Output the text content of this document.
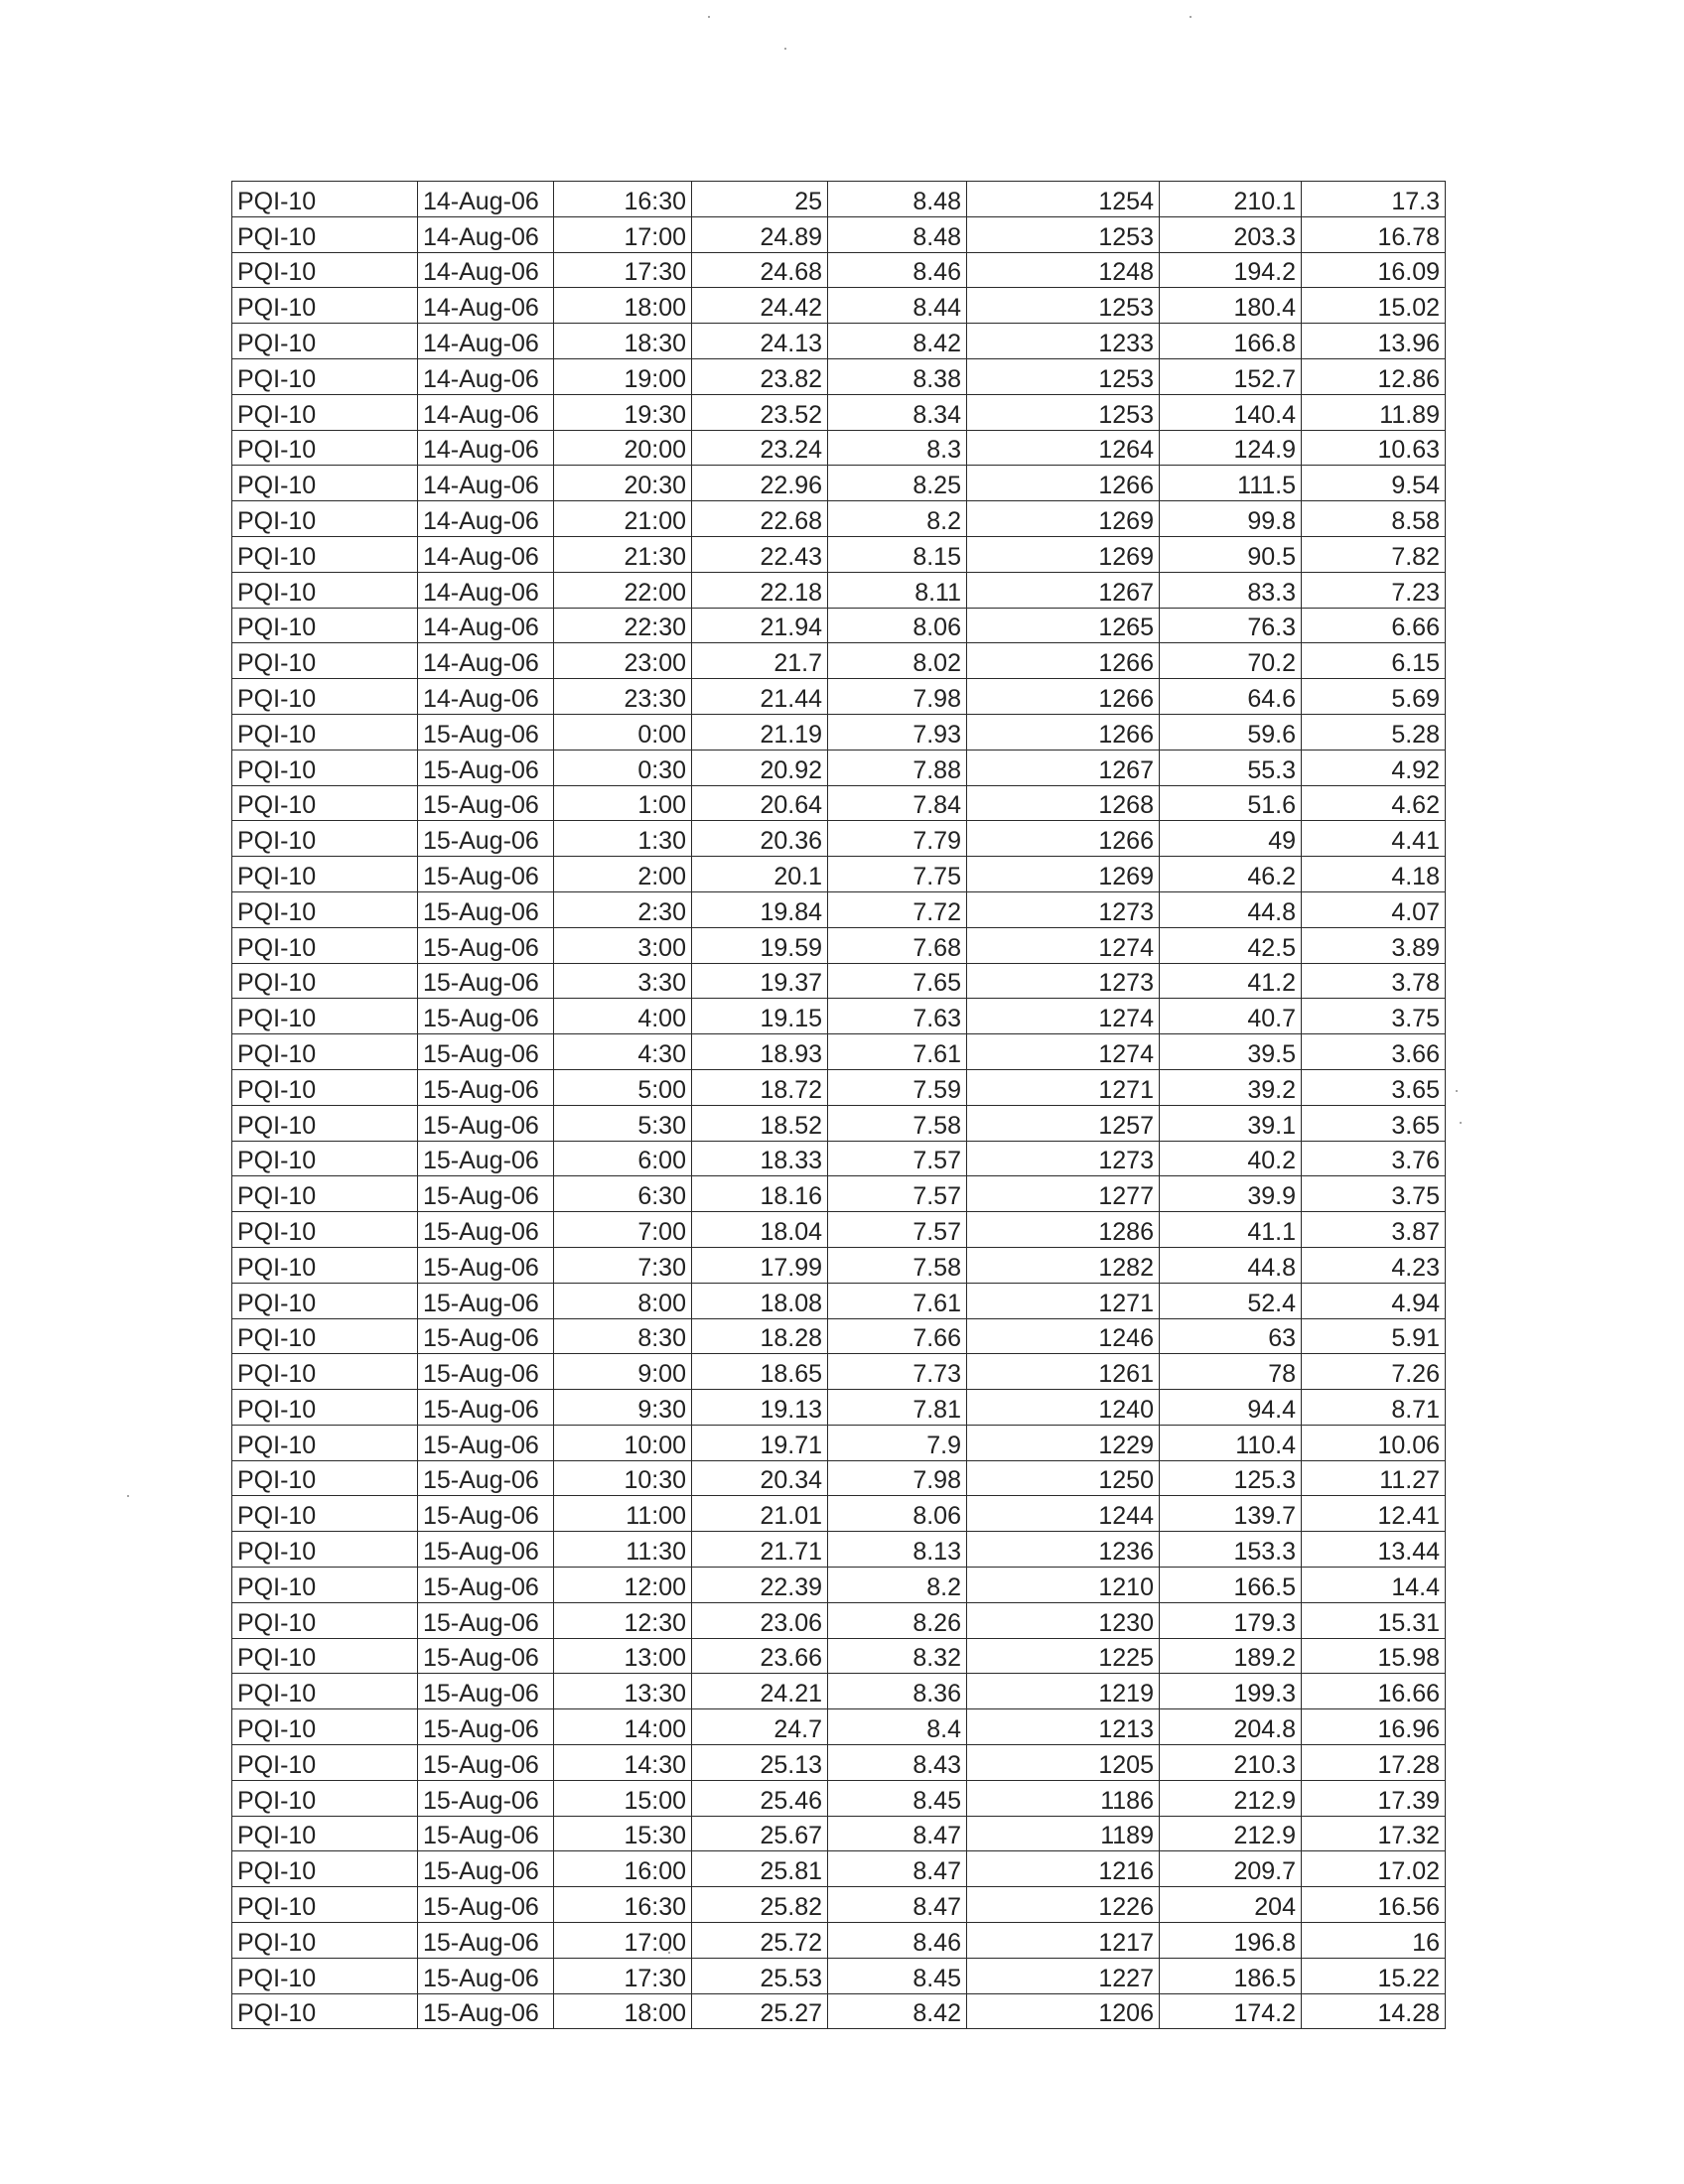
PQI-10	14-Aug-06	16:30	25	8.48	1254	210.1	17.3
PQI-10	14-Aug-06	17:00	24.89	8.48	1253	203.3	16.78
PQI-10	14-Aug-06	17:30	24.68	8.46	1248	194.2	16.09
PQI-10	14-Aug-06	18:00	24.42	8.44	1253	180.4	15.02
PQI-10	14-Aug-06	18:30	24.13	8.42	1233	166.8	13.96
PQI-10	14-Aug-06	19:00	23.82	8.38	1253	152.7	12.86
PQI-10	14-Aug-06	19:30	23.52	8.34	1253	140.4	11.89
PQI-10	14-Aug-06	20:00	23.24	8.3	1264	124.9	10.63
PQI-10	14-Aug-06	20:30	22.96	8.25	1266	111.5	9.54
PQI-10	14-Aug-06	21:00	22.68	8.2	1269	99.8	8.58
PQI-10	14-Aug-06	21:30	22.43	8.15	1269	90.5	7.82
PQI-10	14-Aug-06	22:00	22.18	8.11	1267	83.3	7.23
PQI-10	14-Aug-06	22:30	21.94	8.06	1265	76.3	6.66
PQI-10	14-Aug-06	23:00	21.7	8.02	1266	70.2	6.15
PQI-10	14-Aug-06	23:30	21.44	7.98	1266	64.6	5.69
PQI-10	15-Aug-06	0:00	21.19	7.93	1266	59.6	5.28
PQI-10	15-Aug-06	0:30	20.92	7.88	1267	55.3	4.92
PQI-10	15-Aug-06	1:00	20.64	7.84	1268	51.6	4.62
PQI-10	15-Aug-06	1:30	20.36	7.79	1266	49	4.41
PQI-10	15-Aug-06	2:00	20.1	7.75	1269	46.2	4.18
PQI-10	15-Aug-06	2:30	19.84	7.72	1273	44.8	4.07
PQI-10	15-Aug-06	3:00	19.59	7.68	1274	42.5	3.89
PQI-10	15-Aug-06	3:30	19.37	7.65	1273	41.2	3.78
PQI-10	15-Aug-06	4:00	19.15	7.63	1274	40.7	3.75
PQI-10	15-Aug-06	4:30	18.93	7.61	1274	39.5	3.66
PQI-10	15-Aug-06	5:00	18.72	7.59	1271	39.2	3.65
PQI-10	15-Aug-06	5:30	18.52	7.58	1257	39.1	3.65
PQI-10	15-Aug-06	6:00	18.33	7.57	1273	40.2	3.76
PQI-10	15-Aug-06	6:30	18.16	7.57	1277	39.9	3.75
PQI-10	15-Aug-06	7:00	18.04	7.57	1286	41.1	3.87
PQI-10	15-Aug-06	7:30	17.99	7.58	1282	44.8	4.23
PQI-10	15-Aug-06	8:00	18.08	7.61	1271	52.4	4.94
PQI-10	15-Aug-06	8:30	18.28	7.66	1246	63	5.91
PQI-10	15-Aug-06	9:00	18.65	7.73	1261	78	7.26
PQI-10	15-Aug-06	9:30	19.13	7.81	1240	94.4	8.71
PQI-10	15-Aug-06	10:00	19.71	7.9	1229	110.4	10.06
PQI-10	15-Aug-06	10:30	20.34	7.98	1250	125.3	11.27
PQI-10	15-Aug-06	11:00	21.01	8.06	1244	139.7	12.41
PQI-10	15-Aug-06	11:30	21.71	8.13	1236	153.3	13.44
PQI-10	15-Aug-06	12:00	22.39	8.2	1210	166.5	14.4
PQI-10	15-Aug-06	12:30	23.06	8.26	1230	179.3	15.31
PQI-10	15-Aug-06	13:00	23.66	8.32	1225	189.2	15.98
PQI-10	15-Aug-06	13:30	24.21	8.36	1219	199.3	16.66
PQI-10	15-Aug-06	14:00	24.7	8.4	1213	204.8	16.96
PQI-10	15-Aug-06	14:30	25.13	8.43	1205	210.3	17.28
PQI-10	15-Aug-06	15:00	25.46	8.45	1186	212.9	17.39
PQI-10	15-Aug-06	15:30	25.67	8.47	1189	212.9	17.32
PQI-10	15-Aug-06	16:00	25.81	8.47	1216	209.7	17.02
PQI-10	15-Aug-06	16:30	25.82	8.47	1226	204	16.56
PQI-10	15-Aug-06	17:00	25.72	8.46	1217	196.8	16
PQI-10	15-Aug-06	17:30	25.53	8.45	1227	186.5	15.22
PQI-10	15-Aug-06	18:00	25.27	8.42	1206	174.2	14.28
